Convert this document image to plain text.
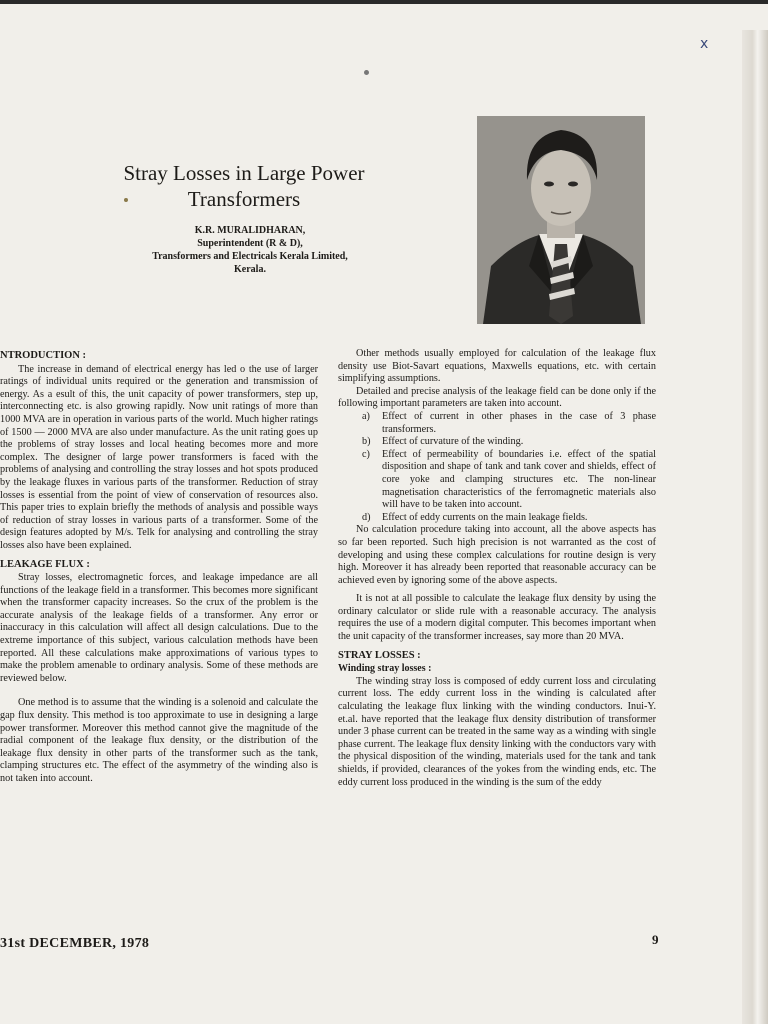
x
Stray Losses in Large Power Transformers
K.R. MURALIDHARAN,
Superintendent (R & D),
Transformers and Electricals Kerala Limited,
Kerala.
NTRODUCTION :

The increase in demand of electrical energy has led o the use of larger ratings of individual units required or the generation and transmission of energy. As a esult of this, the unit capacity of power transformers, step up, interconnecting etc. is also growing rapidly. Now unit ratings of more than 1000 MVA are in operation in various parts of the world. Much higher ratings of 1500 — 2000 MVA are also under manufacture. As the unit rating goes up the problems of stray losses and local heating becomes more and more complex. The designer of large power transformers is faced with the problems of analysing and controlling the stray losses and hot spots produced by the leakage fluxes in various parts of the transformer. Reduction of stray losses is essential from the point of view of conservation of resources also. This paper tries to explain briefly the methods of analysis and possible ways of reduction of stray losses in various parts of a transformer. Some of the design features adopted by M/s. Telk for analysing and controlling the stray losses also have been explained.

LEAKAGE FLUX :

Stray losses, electromagnetic forces, and leakage impedance are all functions of the leakage field in a transformer. This becomes more significant when the transformer capacity increases. So the crux of the problem is the accurate analysis of the leakage fields of a transformer. Any error or inaccuracy in this calculation will affect all design calculations. Due to the extreme importance of this subject, various calculation methods have been reported. All these calculations make approximations of various types to make the problem amenable to ordinary analysis. Some of these methods are reviewed below.

One method is to assume that the winding is a solenoid and calculate the gap flux density. This method is too approximate to use in designing a large power transformer. Moreover this method cannot give the magnitude of the radial component of the leakage flux density, or the distribution of the leakage flux density in other parts of the transformer such as the tank, clamping structures etc. The effect of the asymmetry of the winding also is not taken into account.

Other methods usually employed for calculation of the leakage flux density use Biot-Savart equations, Maxwells equations, etc. with certain simplifying assumptions.

Detailed and precise analysis of the leakage field can be done only if the following important parameters are taken into account.

a) Effect of current in other phases in the case of 3 phase transformers.
b) Effect of curvature of the winding.
c) Effect of permeability of boundaries i.e. effect of the spatial disposition and shape of tank and tank cover and shields, effect of core yoke and clamping structures etc. The non-linear magnetisation characteristics of the ferromagnetic materials also will have to be taken into account.
d) Effect of eddy currents on the main leakage fields.

No calculation procedure taking into account, all the above aspects has so far been reported. Such high precision is not warranted as the cost of developing and using these complex calculations for routine design is very high. Moreover it has already been reported that reasonable accuracy can be achieved even by ignoring some of the above aspects.

It is not at all possible to calculate the leakage flux density by using the ordinary calculator or slide rule with a reasonable accuracy. The analysis requires the use of a modern digital computer. This becomes important when the unit capacity of the transformer increases, say more than 20 MVA.

STRAY LOSSES :
Winding stray losses :

The winding stray loss is composed of eddy current loss and circulating current loss. The eddy current loss in the winding is calculated after calculating the leakage flux linking with the winding conductors. Inui-Y. et.al. have reported that the leakage flux density distribution of transformer under 3 phase current can be treated in the same way as a winding with single phase current. The leakage flux density linking with the conductors vary with the physical disposition of the winding, materials used for the tank and tank shields, if provided, clearances of the yokes from the winding ends, etc. The eddy current loss produced in the winding is the sum of the eddy

31st DECEMBER, 1978	9
